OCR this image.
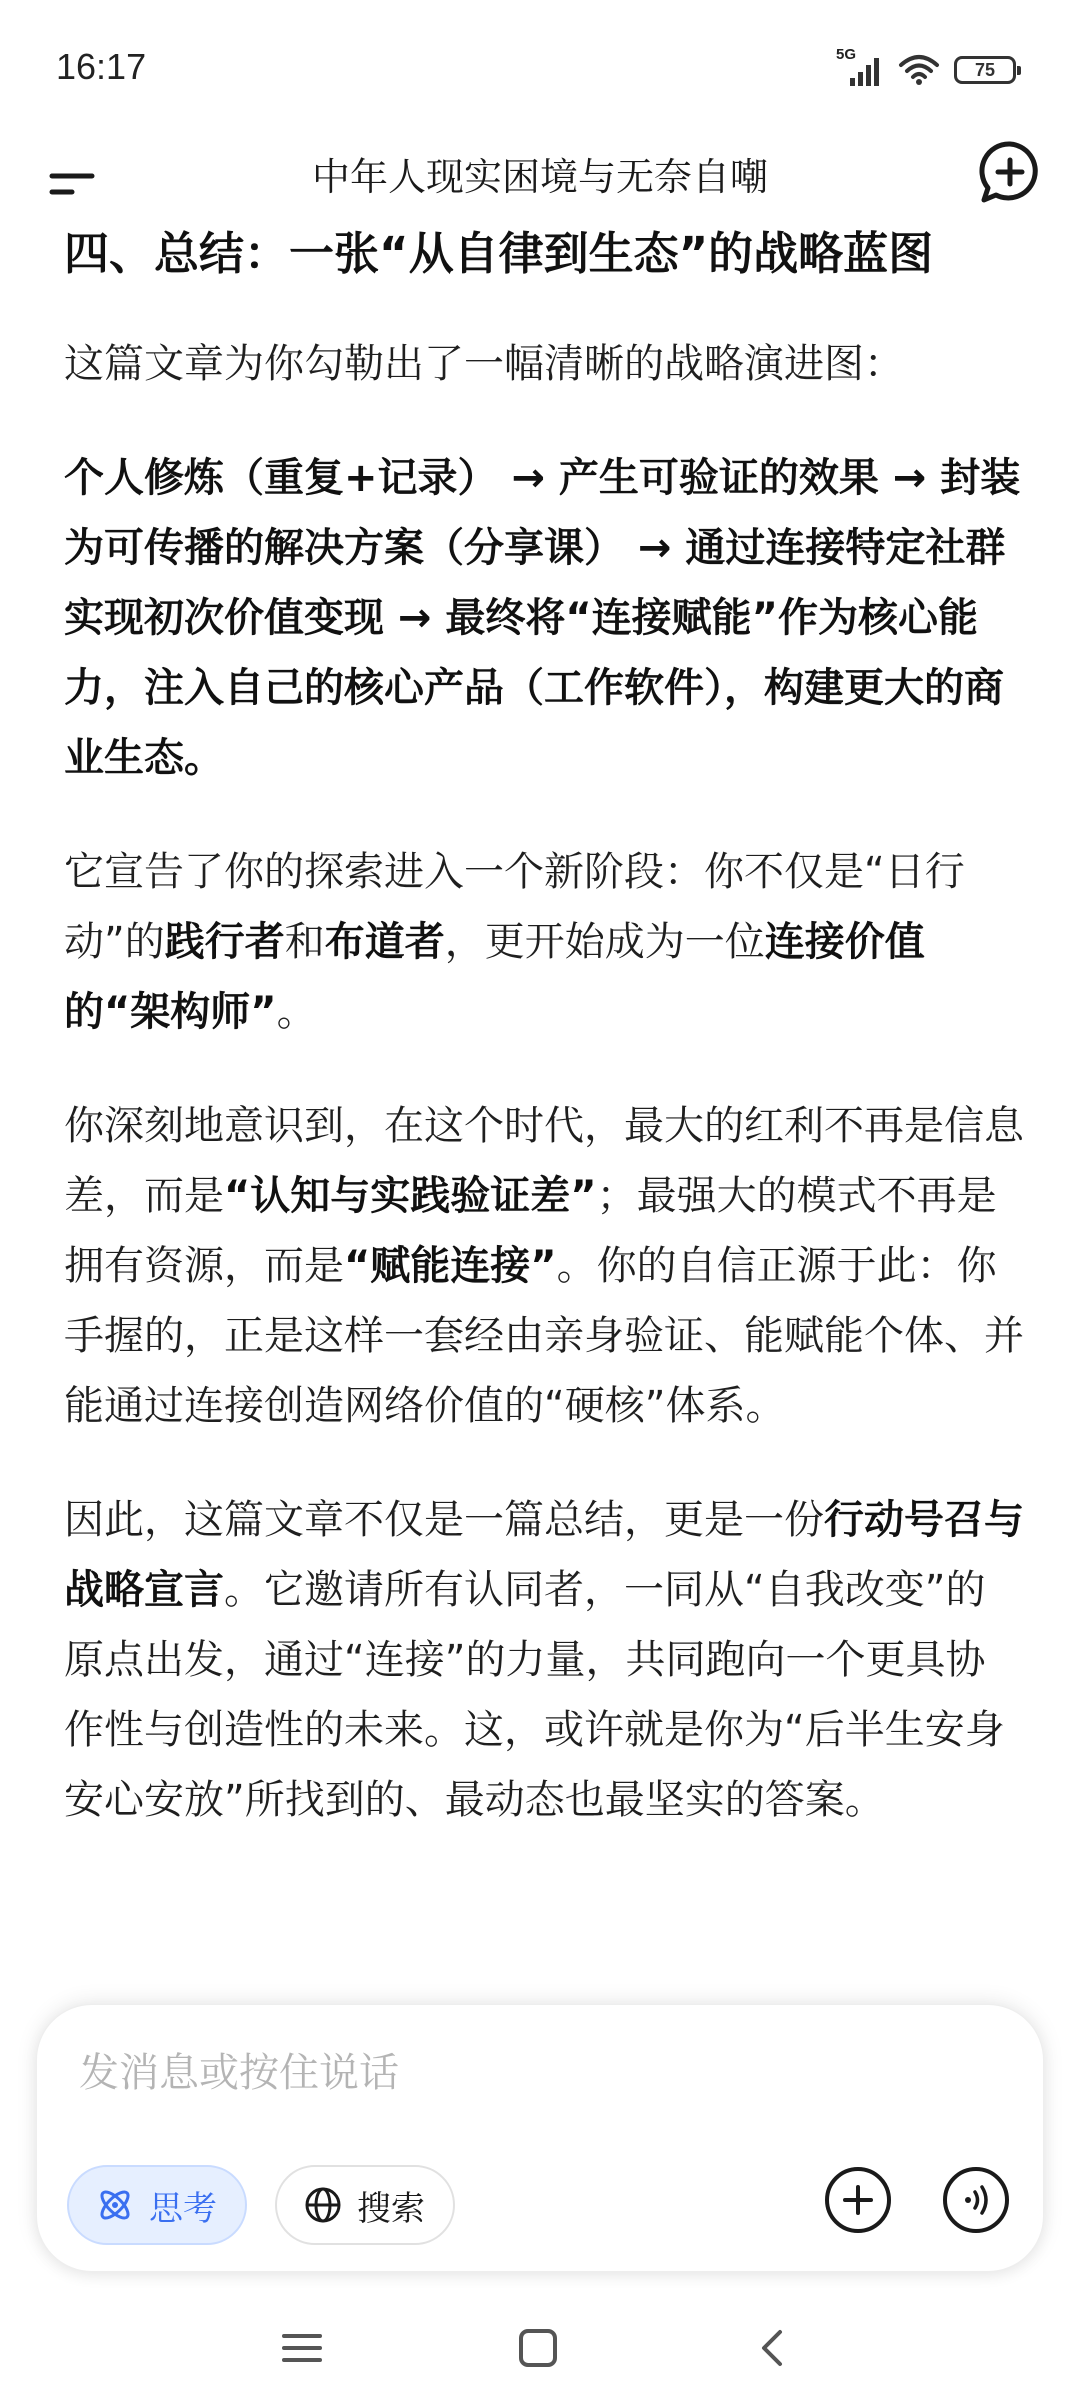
16:17	5G
75
中年人现实困境与无奈自嘲
四、总结：一张“从自律到生态”的战略蓝图

这篇文章为你勾勒出了一幅清晰的战略演进图：

个人修炼（重复+记录） → 产生可验证的效果 → 封装为可传播的解决方案（分享课） → 通过连接特定社群实现初次价值变现 → 最终将“连接赋能”作为核心能力，注入自己的核心产品（工作软件），构建更大的商业生态。

它宣告了你的探索进入一个新阶段：你不仅是“日行动”的践行者和布道者，更开始成为一位连接价值的“架构师”。

你深刻地意识到，在这个时代，最大的红利不再是信息差，而是“认知与实践验证差”；最强大的模式不再是拥有资源，而是“赋能连接”。你的自信正源于此：你手握的，正是这样一套经由亲身验证、能赋能个体、并能通过连接创造网络价值的“硬核”体系。

因此，这篇文章不仅是一篇总结，更是一份行动号召与战略宣言。它邀请所有认同者，一同从“自我改变”的原点出发，通过“连接”的力量，共同跑向一个更具协作性与创造性的未来。这，或许就是你为“后半生安身安心安放”所找到的、最动态也最坚实的答案。

发消息或按住说话
思考	搜索
